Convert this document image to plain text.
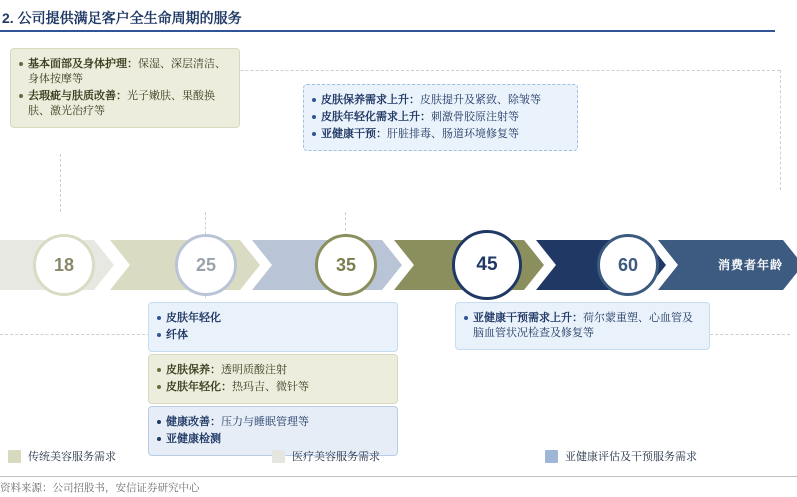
2. 公司提供满足客户全生命周期的服务
基本面部及身体护理：保湿、深层清洁、身体按摩等
去瑕疵与肤质改善：光子嫩肤、果酸换肤、激光治疗等
皮肤保养需求上升：皮肤提升及紧致、除皱等
皮肤年轻化需求上升：刺激骨胶原注射等
亚健康干预：肝脏排毒、肠道环境修复等
18	25	35	45	60	消费者年龄
皮肤年轻化
纤体
皮肤保养：透明质酸注射
皮肤年轻化：热玛吉、微针等
健康改善：压力与睡眠管理等
亚健康检测
亚健康干预需求上升：荷尔蒙重塑、心血管及脑血管状况检查及修复等
传统美容服务需求	医疗美容服务需求	亚健康评估及干预服务需求
资料来源：公司招股书，安信证券研究中心
